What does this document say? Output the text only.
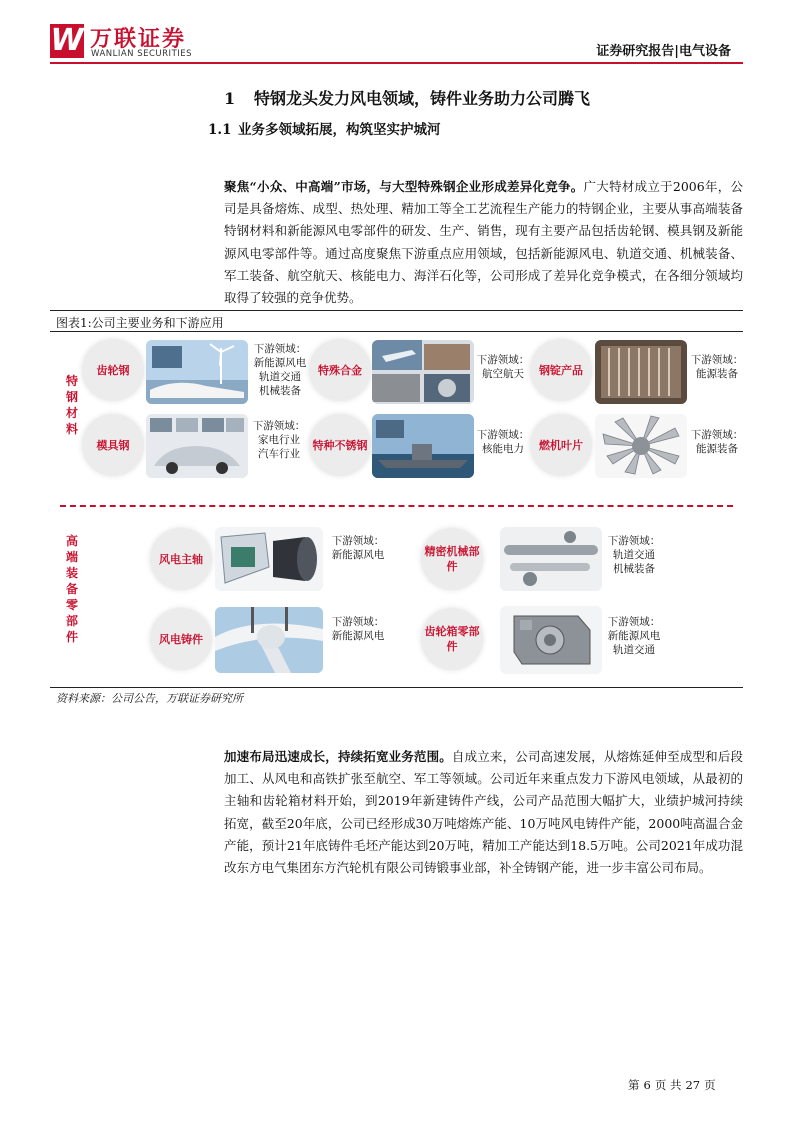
W 万联证券
WANLIAN SECURITIES	证券研究报告|电气设备
1 特钢龙头发力风电领域，铸件业务助力公司腾飞
1.1 业务多领域拓展，构筑坚实护城河
聚焦“小众、中高端”市场，与大型特殊钢企业形成差异化竞争。广大特材成立于2006年，公司是具备熔炼、成型、热处理、精加工等全工艺流程生产能力的特钢企业，主要从事高端装备特钢材料和新能源风电零部件的研发、生产、销售，现有主要产品包括齿轮钢、模具钢及新能源风电零部件等。通过高度聚焦下游重点应用领域，包括新能源风电、轨道交通、机械装备、军工装备、航空航天、核能电力、海洋石化等，公司形成了差异化竞争模式，在各细分领域均取得了较强的竞争优势。
图表1:公司主要业务和下游应用
特钢材料
高端装备零部件
齿轮钢
下游领域：
新能源风电
轨道交通
机械装备
特殊合金
下游领域：
航空航天	钢锭产品
下游领域：
能源装备
模具钢
下游领域：
家电行业
汽车行业
特种不锈钢
下游领域：
核能电力	燃机叶片
下游领域：
能源装备
风电主轴
下游领域：
新能源风电	精密机械部件
下游领域：
轨道交通
机械装备
风电铸件
下游领域：
新能源风电	齿轮箱零部件
下游领域：
新能源风电
轨道交通
资料来源：公司公告，万联证券研究所
加速布局迅速成长，持续拓宽业务范围。自成立来，公司高速发展，从熔炼延伸至成型和后段加工、从风电和高铁扩张至航空、军工等领域。公司近年来重点发力下游风电领域，从最初的主轴和齿轮箱材料开始，到2019年新建铸件产线，公司产品范围大幅扩大，业绩护城河持续拓宽，截至20年底，公司已经形成30万吨熔炼产能、10万吨风电铸件产能，2000吨高温合金产能，预计21年底铸件毛坯产能达到20万吨，精加工产能达到18.5万吨。公司2021年成功混改东方电气集团东方汽轮机有限公司铸锻事业部，补全铸钢产能，进一步丰富公司布局。
第 6 页 共 27 页
